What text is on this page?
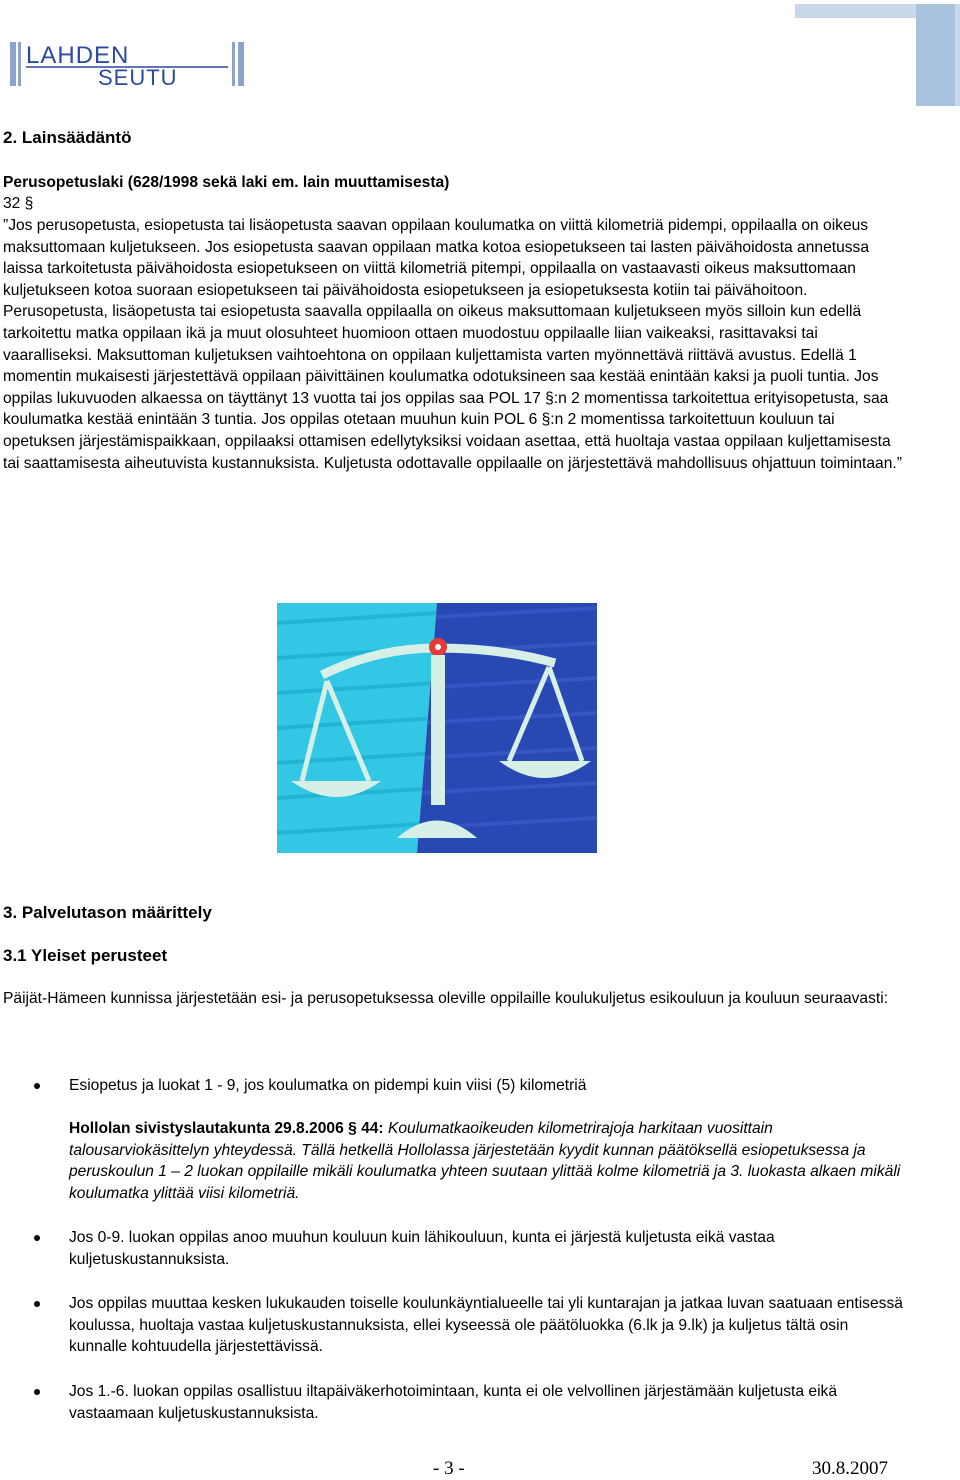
LAHDEN
SEUTU
2. Lainsäädäntö

Perusopetuslaki (628/1998 sekä laki em. lain muuttamisesta)

32 §

”Jos perusopetusta, esiopetusta tai lisäopetusta saavan oppilaan koulumatka on viittä kilometriä pidempi, oppilaalla on oikeus maksuttomaan kuljetukseen. Jos esiopetusta saavan oppilaan matka kotoa esiopetukseen tai lasten päivähoidosta annetussa laissa tarkoitetusta päivähoidosta esiopetukseen on viittä kilometriä pitempi, oppilaalla on vastaavasti oikeus maksuttomaan kuljetukseen kotoa suoraan esiopetukseen tai päivähoidosta esiopetukseen ja esiopetuksesta kotiin tai päivähoitoon. Perusopetusta, lisäopetusta tai esiopetusta saavalla oppilaalla on oikeus maksuttomaan kuljetukseen myös silloin kun edellä tarkoitettu matka oppilaan ikä ja muut olosuhteet huomioon ottaen muodostuu oppilaalle liian vaikeaksi, rasittavaksi tai vaaralliseksi. Maksuttoman kuljetuksen vaihtoehtona on oppilaan kuljettamista varten myönnettävä riittävä avustus. Edellä 1 momentin mukaisesti järjestettävä oppilaan päivittäinen koulumatka odotuksineen saa kestää enintään kaksi ja puoli tuntia. Jos oppilas lukuvuoden alkaessa on täyttänyt 13 vuotta tai jos oppilas saa POL 17 §:n 2 momentissa tarkoitettua erityisopetusta, saa koulumatka kestää enintään 3 tuntia. Jos oppilas otetaan muuhun kuin POL 6 §:n 2 momentissa tarkoitettuun kouluun tai opetuksen järjestämispaikkaan, oppilaaksi ottamisen edellytyksiksi voidaan asettaa, että huoltaja vastaa oppilaan kuljettamisesta tai saattamisesta aiheutuvista kustannuksista. Kuljetusta odottavalle oppilaalle on järjestettävä mahdollisuus ohjattuun toimintaan.”

3. Palvelutason määrittely
3.1 Yleiset perusteet

Päijät-Hämeen kunnissa järjestetään esi- ja perusopetuksessa oleville oppilaille koulukuljetus esikouluun ja kouluun seuraavasti:

Esiopetus ja luokat 1 - 9, jos koulumatka on pidempi kuin viisi (5) kilometriä

Hollolan sivistyslautakunta 29.8.2006 § 44: Koulumatkaoikeuden kilometrirajoja harkitaan vuosittain talousarviokäsittelyn yhteydessä. Tällä hetkellä Hollolassa järjestetään kyydit kunnan päätöksellä esiopetuksessa ja peruskoulun 1 – 2 luokan oppilaille mikäli koulumatka yhteen suutaan ylittää kolme kilometriä ja 3. luokasta alkaen mikäli koulumatka ylittää viisi kilometriä.

Jos 0-9. luokan oppilas anoo muuhun kouluun kuin lähikouluun, kunta ei järjestä kuljetusta eikä vastaa kuljetuskustannuksista.

Jos oppilas muuttaa kesken lukukauden toiselle koulunkäyntialueelle tai yli kuntarajan ja jatkaa luvan saatuaan entisessä koulussa, huoltaja vastaa kuljetuskustannuksista, ellei kyseessä ole päätöluokka (6.lk ja 9.lk) ja kuljetus tältä osin kunnalle kohtuudella järjestettävissä.

Jos 1.-6. luokan oppilas osallistuu iltapäiväkerhotoimintaan, kunta ei ole velvollinen järjestämään kuljetusta eikä vastaamaan kuljetuskustannuksista.

- 3 -	30.8.2007
